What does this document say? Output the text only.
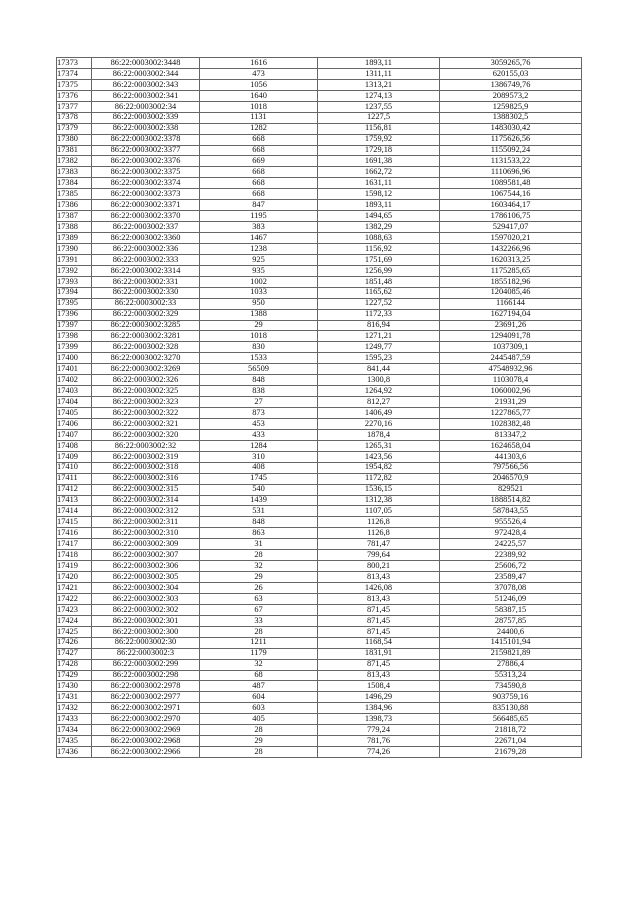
17373	86:22:0003002:3448	1616	1893,11	3059265,76
17374	86:22:0003002:344	473	1311,11	620155,03
17375	86:22:0003002:343	1056	1313,21	1386749,76
17376	86:22:0003002:341	1640	1274,13	2089573,2
17377	86:22:0003002:34	1018	1237,55	1259825,9
17378	86:22:0003002:339	1131	1227,5	1388302,5
17379	86:22:0003002:338	1282	1156,81	1483030,42
17380	86:22:0003002:3378	668	1759,92	1175626,56
17381	86:22:0003002:3377	668	1729,18	1155092,24
17382	86:22:0003002:3376	669	1691,38	1131533,22
17383	86:22:0003002:3375	668	1662,72	1110696,96
17384	86:22:0003002:3374	668	1631,11	1089581,48
17385	86:22:0003002:3373	668	1598,12	1067544,16
17386	86:22:0003002:3371	847	1893,11	1603464,17
17387	86:22:0003002:3370	1195	1494,65	1786106,75
17388	86:22:0003002:337	383	1382,29	529417,07
17389	86:22:0003002:3360	1467	1088,63	1597020,21
17390	86:22:0003002:336	1238	1156,92	1432266,96
17391	86:22:0003002:333	925	1751,69	1620313,25
17392	86:22:0003002:3314	935	1256,99	1175285,65
17393	86:22:0003002:331	1002	1851,48	1855182,96
17394	86:22:0003002:330	1033	1165,62	1204085,46
17395	86:22:0003002:33	950	1227,52	1166144
17396	86:22:0003002:329	1388	1172,33	1627194,04
17397	86:22:0003002:3285	29	816,94	23691,26
17398	86:22:0003002:3281	1018	1271,21	1294091,78
17399	86:22:0003002:328	830	1249,77	1037309,1
17400	86:22:0003002:3270	1533	1595,23	2445487,59
17401	86:22:0003002:3269	56509	841,44	47548932,96
17402	86:22:0003002:326	848	1300,8	1103078,4
17403	86:22:0003002:325	838	1264,92	1060002,96
17404	86:22:0003002:323	27	812,27	21931,29
17405	86:22:0003002:322	873	1406,49	1227865,77
17406	86:22:0003002:321	453	2270,16	1028382,48
17407	86:22:0003002:320	433	1878,4	813347,2
17408	86:22:0003002:32	1284	1265,31	1624658,04
17409	86:22:0003002:319	310	1423,56	441303,6
17410	86:22:0003002:318	408	1954,82	797566,56
17411	86:22:0003002:316	1745	1172,82	2046570,9
17412	86:22:0003002:315	540	1536,15	829521
17413	86:22:0003002:314	1439	1312,38	1888514,82
17414	86:22:0003002:312	531	1107,05	587843,55
17415	86:22:0003002:311	848	1126,8	955526,4
17416	86:22:0003002:310	863	1126,8	972428,4
17417	86:22:0003002:309	31	781,47	24225,57
17418	86:22:0003002:307	28	799,64	22389,92
17419	86:22:0003002:306	32	800,21	25606,72
17420	86:22:0003002:305	29	813,43	23589,47
17421	86:22:0003002:304	26	1426,08	37078,08
17422	86:22:0003002:303	63	813,43	51246,09
17423	86:22:0003002:302	67	871,45	58387,15
17424	86:22:0003002:301	33	871,45	28757,85
17425	86:22:0003002:300	28	871,45	24400,6
17426	86:22:0003002:30	1211	1168,54	1415101,94
17427	86:22:0003002:3	1179	1831,91	2159821,89
17428	86:22:0003002:299	32	871,45	27886,4
17429	86:22:0003002:298	68	813,43	55313,24
17430	86:22:0003002:2978	487	1508,4	734590,8
17431	86:22:0003002:2977	604	1496,29	903759,16
17432	86:22:0003002:2971	603	1384,96	835130,88
17433	86:22:0003002:2970	405	1398,73	566485,65
17434	86:22:0003002:2969	28	779,24	21818,72
17435	86:22:0003002:2968	29	781,76	22671,04
17436	86:22:0003002:2966	28	774,26	21679,28
